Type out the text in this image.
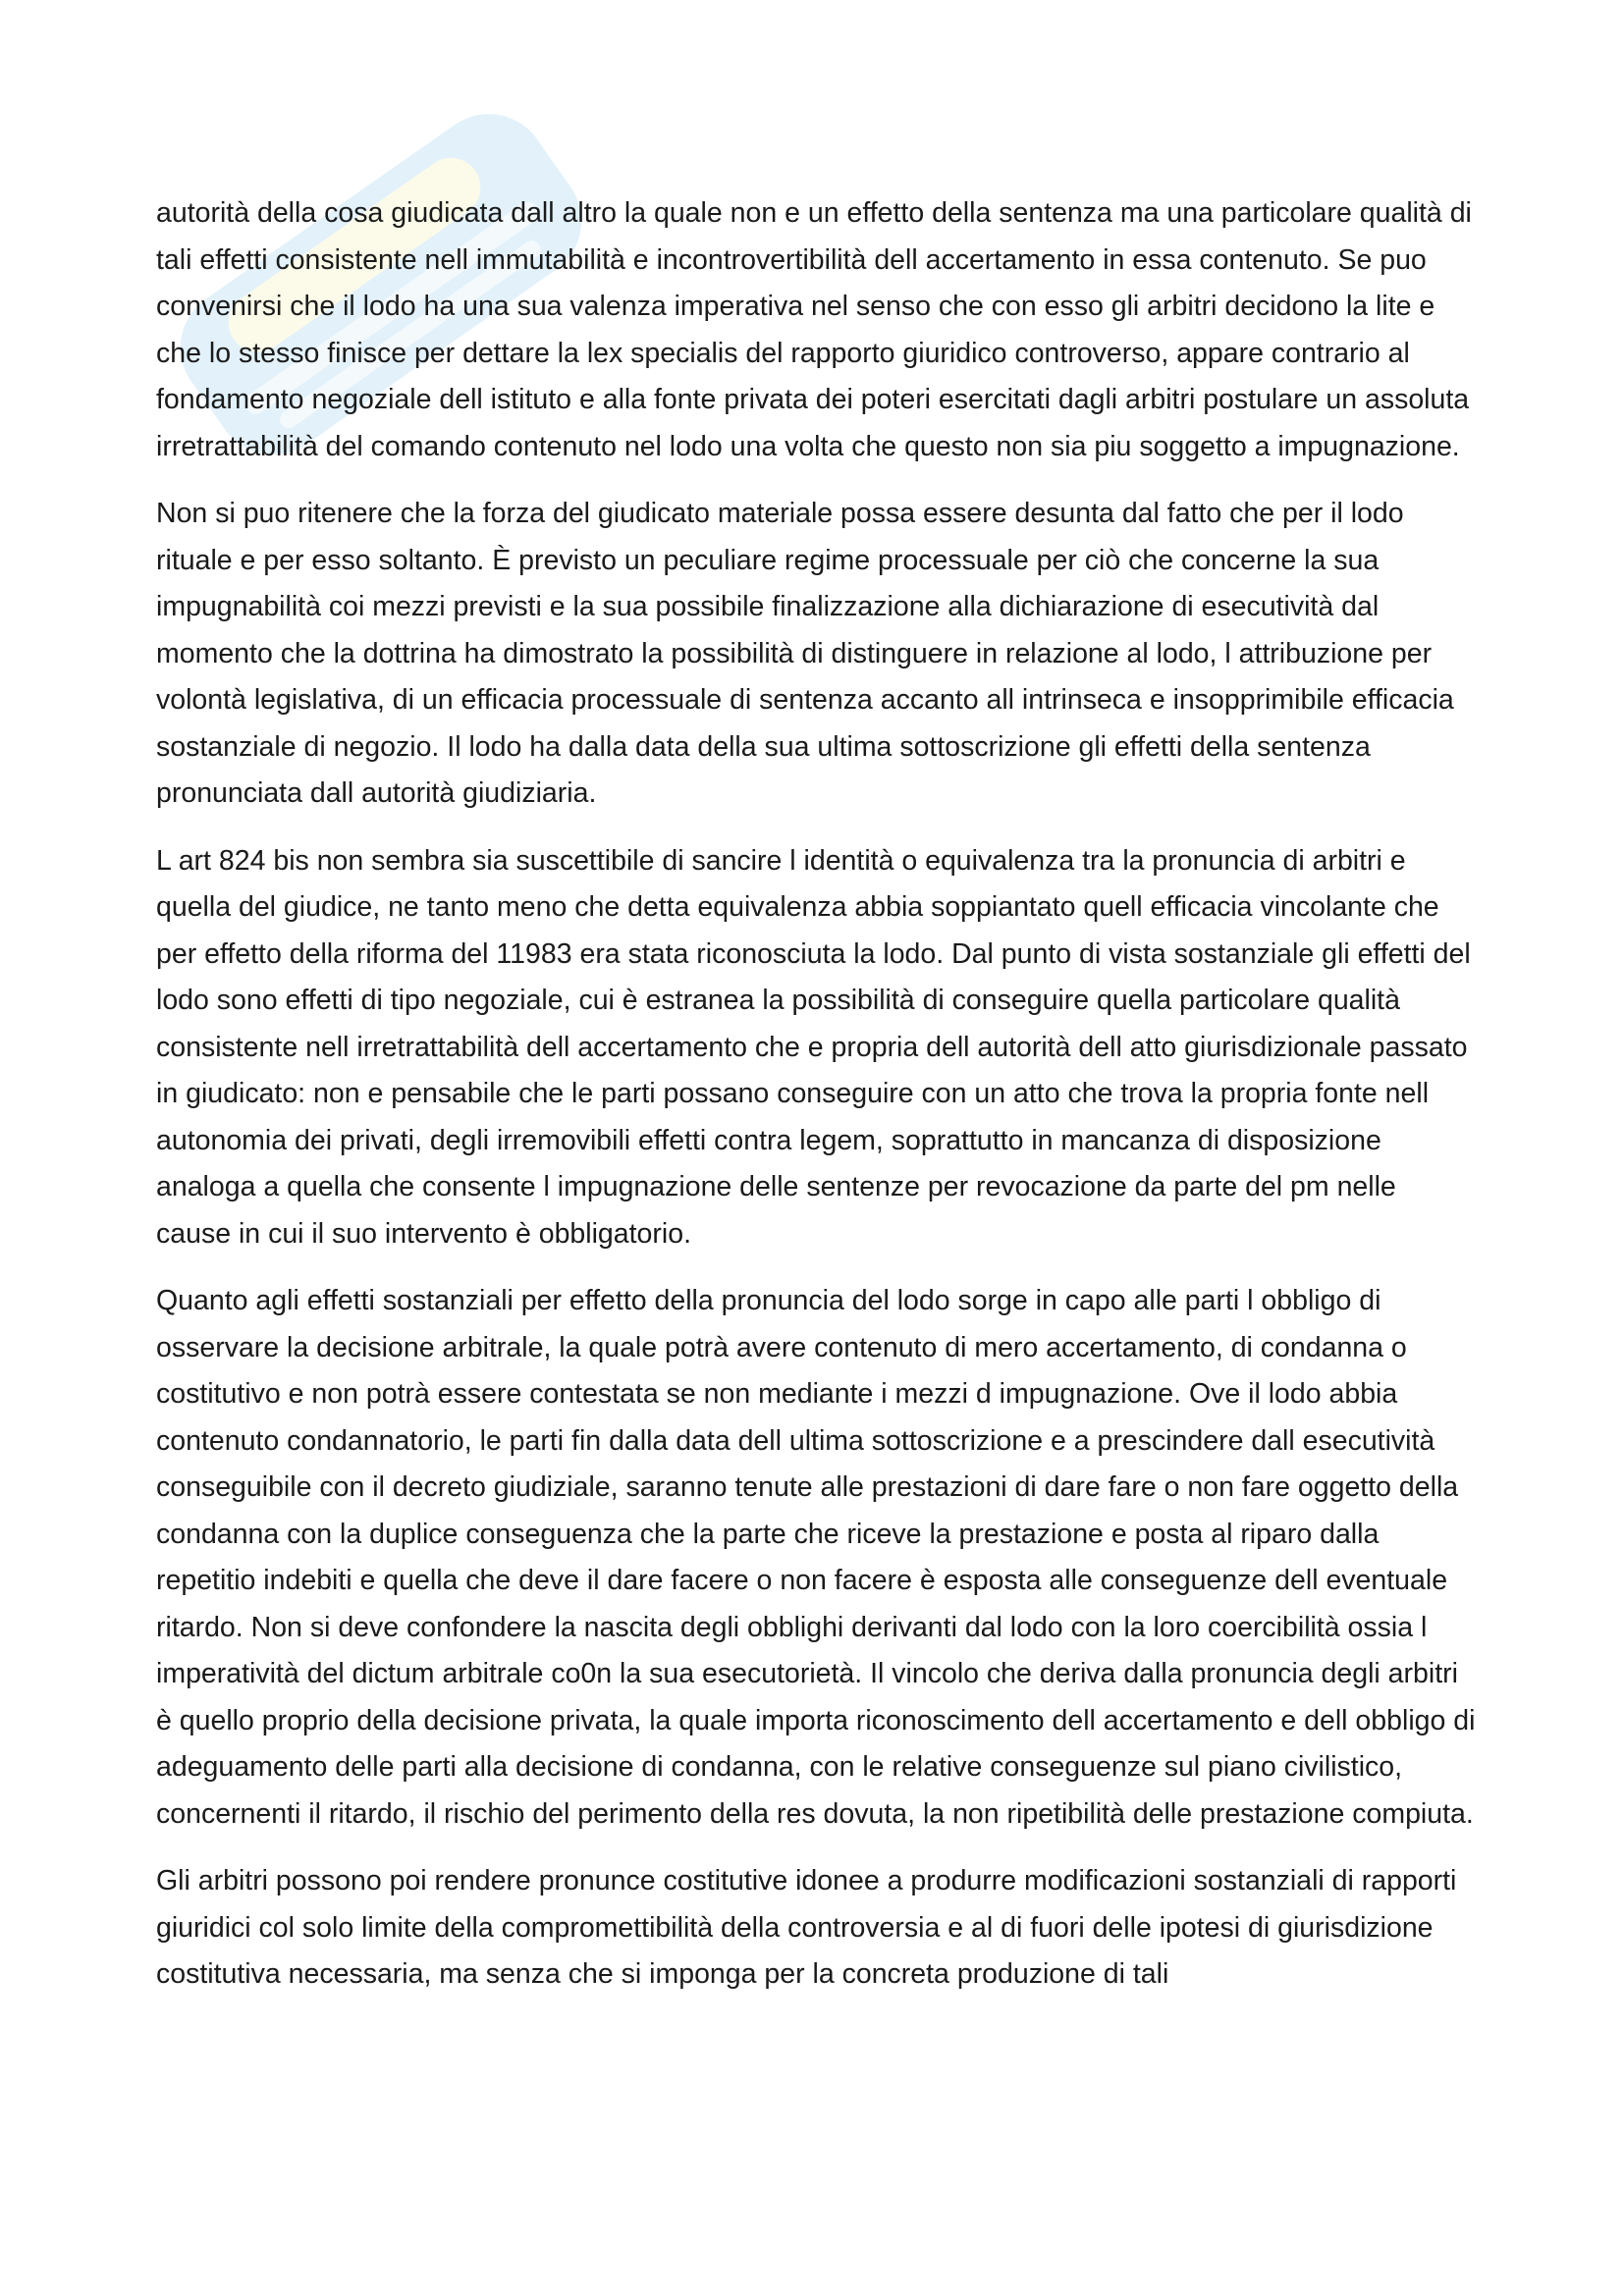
autorità della cosa giudicata dall altro la quale non e un effetto della sentenza ma una particolare qualità di tali effetti consistente nell immutabilità e incontrovertibilità dell accertamento in essa contenuto. Se puo convenirsi che il lodo ha una sua valenza imperativa nel senso che con esso gli arbitri decidono la lite e che lo stesso finisce per dettare la lex specialis del rapporto giuridico controverso, appare contrario al fondamento negoziale dell istituto e alla fonte privata dei poteri esercitati dagli arbitri postulare un assoluta irretrattabilità del comando contenuto nel lodo una volta che questo non sia piu soggetto a impugnazione.

Non si puo ritenere che la forza del giudicato materiale possa essere desunta dal fatto che per il lodo rituale e per esso soltanto. È previsto un peculiare regime processuale per ciò che concerne la sua impugnabilità coi mezzi previsti e la sua possibile finalizzazione alla dichiarazione di esecutività dal momento che la dottrina ha dimostrato la possibilità di distinguere in relazione al lodo, l attribuzione per volontà legislativa, di un efficacia processuale di sentenza accanto all intrinseca e insopprimibile efficacia sostanziale di negozio. Il lodo ha dalla data della sua ultima sottoscrizione gli effetti della sentenza pronunciata dall autorità giudiziaria.

L art 824 bis non sembra sia suscettibile di sancire l identità o equivalenza tra la pronuncia di arbitri e quella del giudice, ne tanto meno che detta equivalenza abbia soppiantato quell efficacia vincolante che per effetto della riforma del 11983 era stata riconosciuta la lodo. Dal punto di vista sostanziale gli effetti del lodo sono effetti di tipo negoziale, cui è estranea la possibilità di conseguire quella particolare qualità consistente nell irretrattabilità dell accertamento che e propria dell autorità dell atto giurisdizionale passato in giudicato: non e pensabile che le parti possano conseguire con un atto che trova la propria fonte nell autonomia dei privati, degli irremovibili effetti contra legem, soprattutto in mancanza di disposizione analoga a quella che consente l impugnazione delle sentenze per revocazione da parte del pm nelle cause in cui il suo intervento è obbligatorio.

Quanto agli effetti sostanziali per effetto della pronuncia del lodo sorge in capo alle parti l obbligo di osservare la decisione arbitrale, la quale potrà avere contenuto di mero accertamento, di condanna o costitutivo e non potrà essere contestata se non mediante i mezzi d impugnazione. Ove il lodo abbia contenuto condannatorio, le parti fin dalla data dell ultima sottoscrizione e a prescindere dall esecutività conseguibile con il decreto giudiziale, saranno tenute alle prestazioni di dare fare o non fare oggetto della condanna con la duplice conseguenza che la parte che riceve la prestazione e posta al riparo dalla repetitio indebiti e quella che deve il dare facere o non facere è esposta alle conseguenze dell eventuale ritardo. Non si deve confondere la nascita degli obblighi derivanti dal lodo con la loro coercibilità ossia l imperatività del dictum arbitrale co0n la sua esecutorietà. Il vincolo che deriva dalla pronuncia degli arbitri è quello proprio della decisione privata, la quale importa riconoscimento dell accertamento e dell obbligo di adeguamento delle parti alla decisione di condanna, con le relative conseguenze sul piano civilistico, concernenti il ritardo, il rischio del perimento della res dovuta, la non ripetibilità delle prestazione compiuta.

Gli arbitri possono poi rendere pronunce costitutive idonee a produrre modificazioni sostanziali di rapporti giuridici col solo limite della compromettibilità della controversia e al di fuori delle ipotesi di giurisdizione costitutiva necessaria, ma senza che si imponga per la concreta produzione di tali
